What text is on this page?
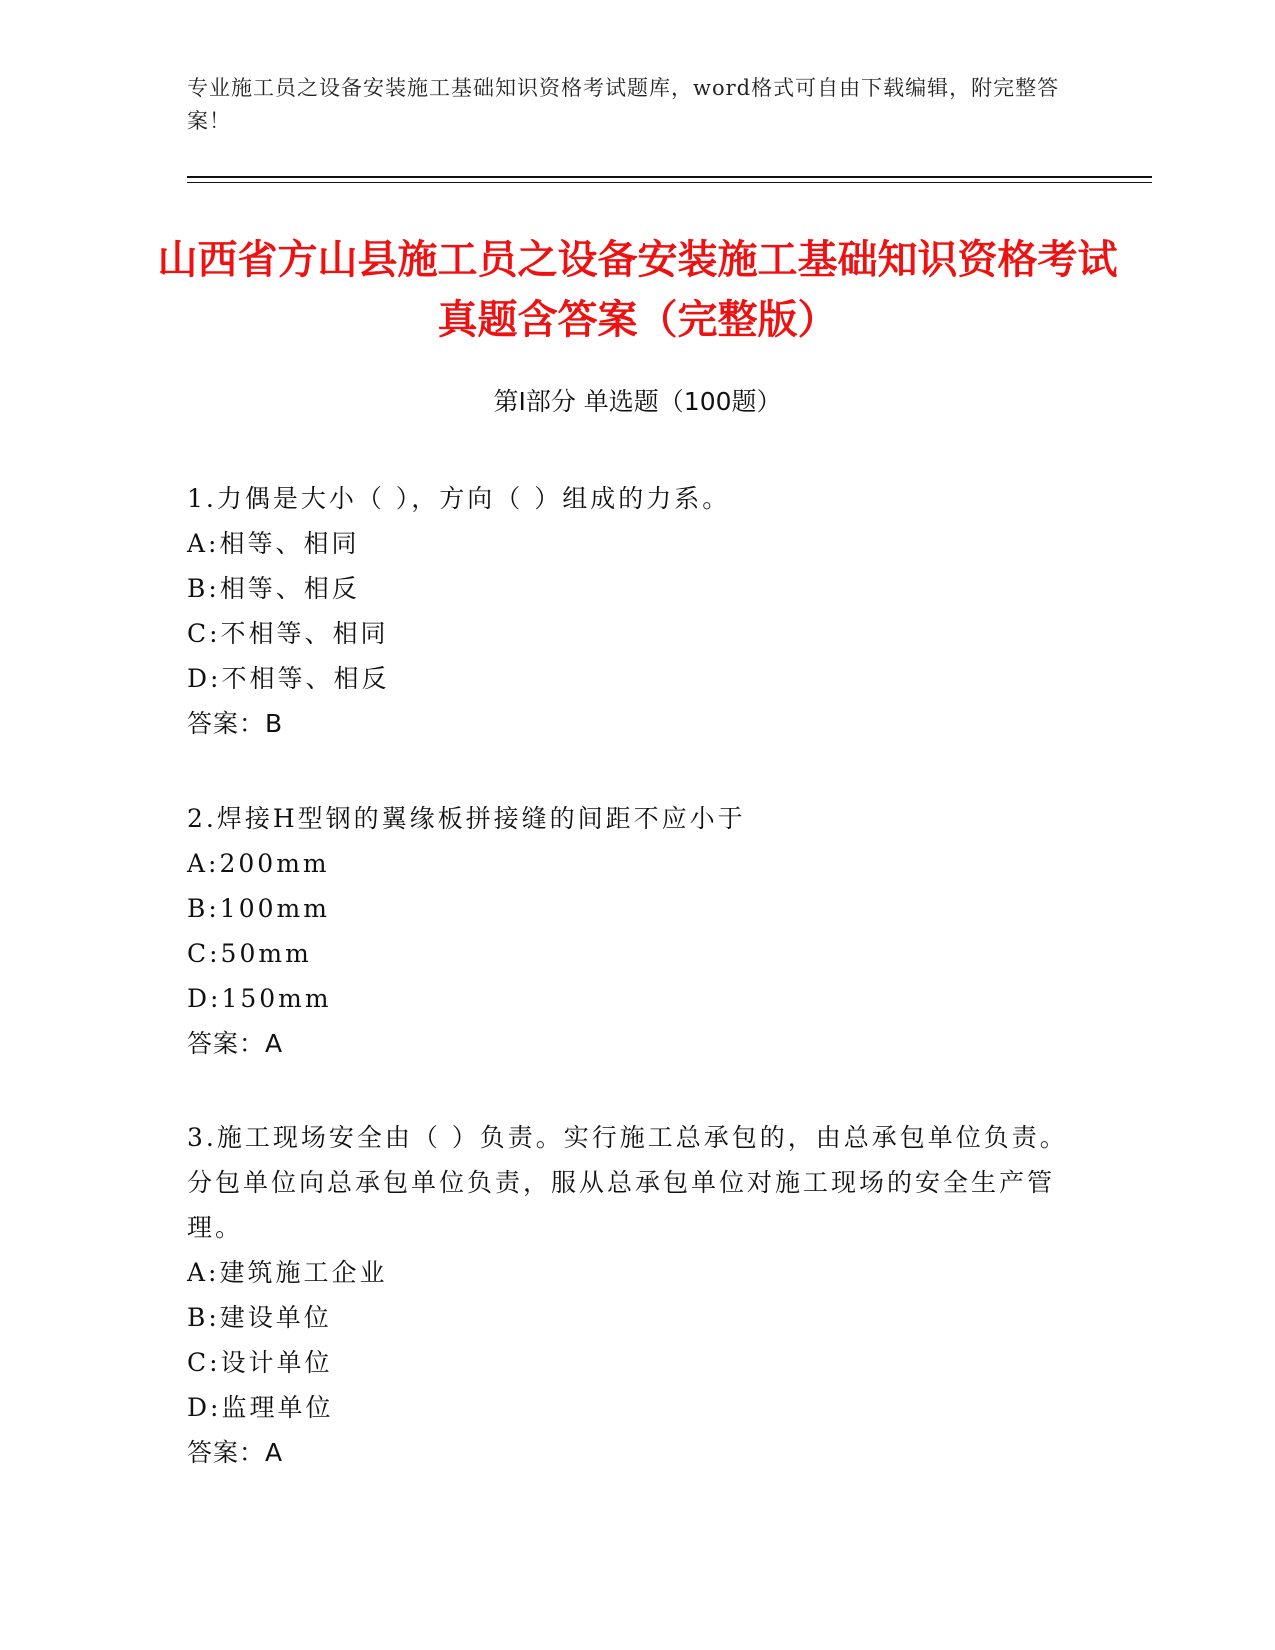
专业施工员之设备安装施工基础知识资格考试题库，word格式可自由下载编辑，附完整答案！
山西省方山县施工员之设备安装施工基础知识资格考试真题含答案（完整版）
第Ⅰ部分 单选题（100题）
1.力偶是大小（ ），方向（ ）组成的力系。
A:相等、相同
B:相等、相反
C:不相等、相同
D:不相等、相反
答案：B
2.焊接H型钢的翼缘板拼接缝的间距不应小于
A:200mm
B:100mm
C:50mm
D:150mm
答案：A
3.施工现场安全由（ ）负责。实行施工总承包的，由总承包单位负责。分包单位向总承包单位负责，服从总承包单位对施工现场的安全生产管理。
A:建筑施工企业
B:建设单位
C:设计单位
D:监理单位
答案：A
